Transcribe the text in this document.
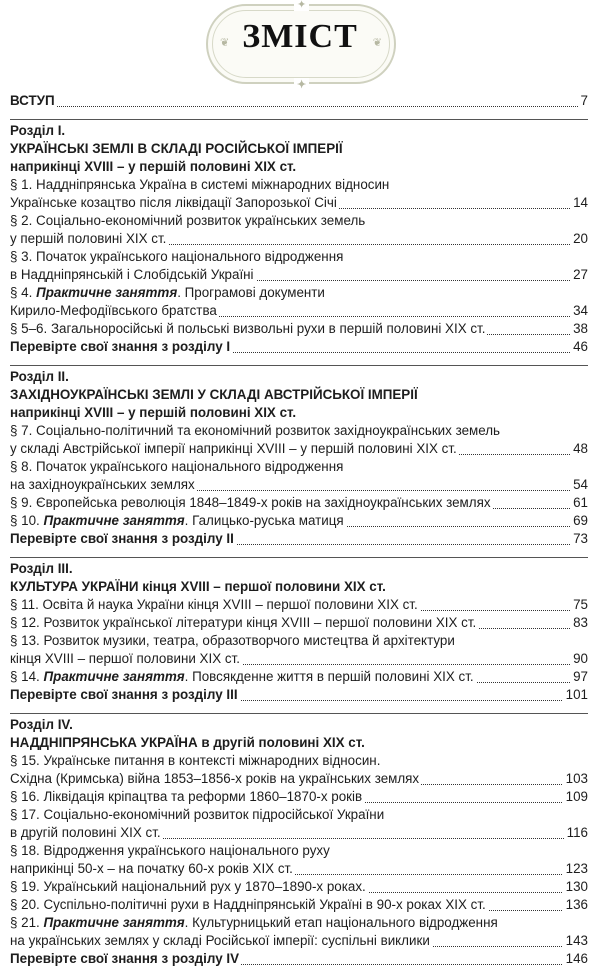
❦	❦
✦
✦
ЗМІСТ
ВСТУП	7
Розділ І.
УКРАЇНСЬКІ ЗЕМЛІ В СКЛАДІ РОСІЙСЬКОЇ ІМПЕРІЇ
наприкінці XVIII – у першій половині XIX ст.
§ 1. Наддніпрянська Україна в системі міжнародних відносин
Українське козацтво після ліквідації Запорозької Січі	14
§ 2. Соціально-економічний розвиток українських земель
у першій половині XIX ст.	20
§ 3. Початок українського національного відродження
в Наддніпрянській і Слобідській Україні	27
§ 4. Практичне заняття. Програмові документи
Кирило-Мефодіївського братства	34
§ 5–6. Загальноросійські й польські визвольні рухи в першій половині XIX ст.	38
Перевірте свої знання з розділу І	46
Розділ ІІ.
ЗАХІДНОУКРАЇНСЬКІ ЗЕМЛІ У СКЛАДІ АВСТРІЙСЬКОЇ ІМПЕРІЇ
наприкінці XVIII – у першій половині XIX ст.
§ 7. Соціально-політичний та економічний розвиток західноукраїнських земель
у складі Австрійської імперії наприкінці XVIII – у першій половині XIX ст.	48
§ 8. Початок українського національного відродження
на західноукраїнських землях	54
§ 9. Європейська революція 1848–1849-х років на західноукраїнських землях	61
§ 10. Практичне заняття. Галицько-руська матиця	69
Перевірте свої знання з розділу ІІ	73
Розділ ІІІ.
КУЛЬТУРА УКРАЇНИ кінця XVIII – першої половини XIX ст.
§ 11. Освіта й наука України кінця XVIII – першої половини XIX ст.	75
§ 12. Розвиток української літератури кінця XVIII – першої половини XIX ст.	83
§ 13. Розвиток музики, театра, образотворчого мистецтва й архітектури
кінця XVIII – першої половини XIX ст.	90
§ 14. Практичне заняття. Повсякденне життя в першій половині XIX ст.	97
Перевірте свої знання з розділу ІІІ	101
Розділ ІV.
НАДДНІПРЯНСЬКА УКРАЇНА в другій половині XIX ст.
§ 15. Українське питання в контексті міжнародних відносин.
Східна (Кримська) війна 1853–1856-х років на українських землях	103
§ 16. Ліквідація кріпацтва та реформи 1860–1870-х років	109
§ 17. Соціально-економічний розвиток підросійської України
в другій половині XIX ст.	116
§ 18. Відродження українського національного руху
наприкінці 50-х – на початку 60-х років XIX ст.	123
§ 19. Український національний рух у 1870–1890-х роках.	130
§ 20. Суспільно-політичні рухи в Наддніпрянській Україні в 90-х роках XIX ст.	136
§ 21. Практичне заняття. Культурницький етап національного відродження
на українських землях у складі Російської імперії: суспільні виклики	143
Перевірте свої знання з розділу IV	146
